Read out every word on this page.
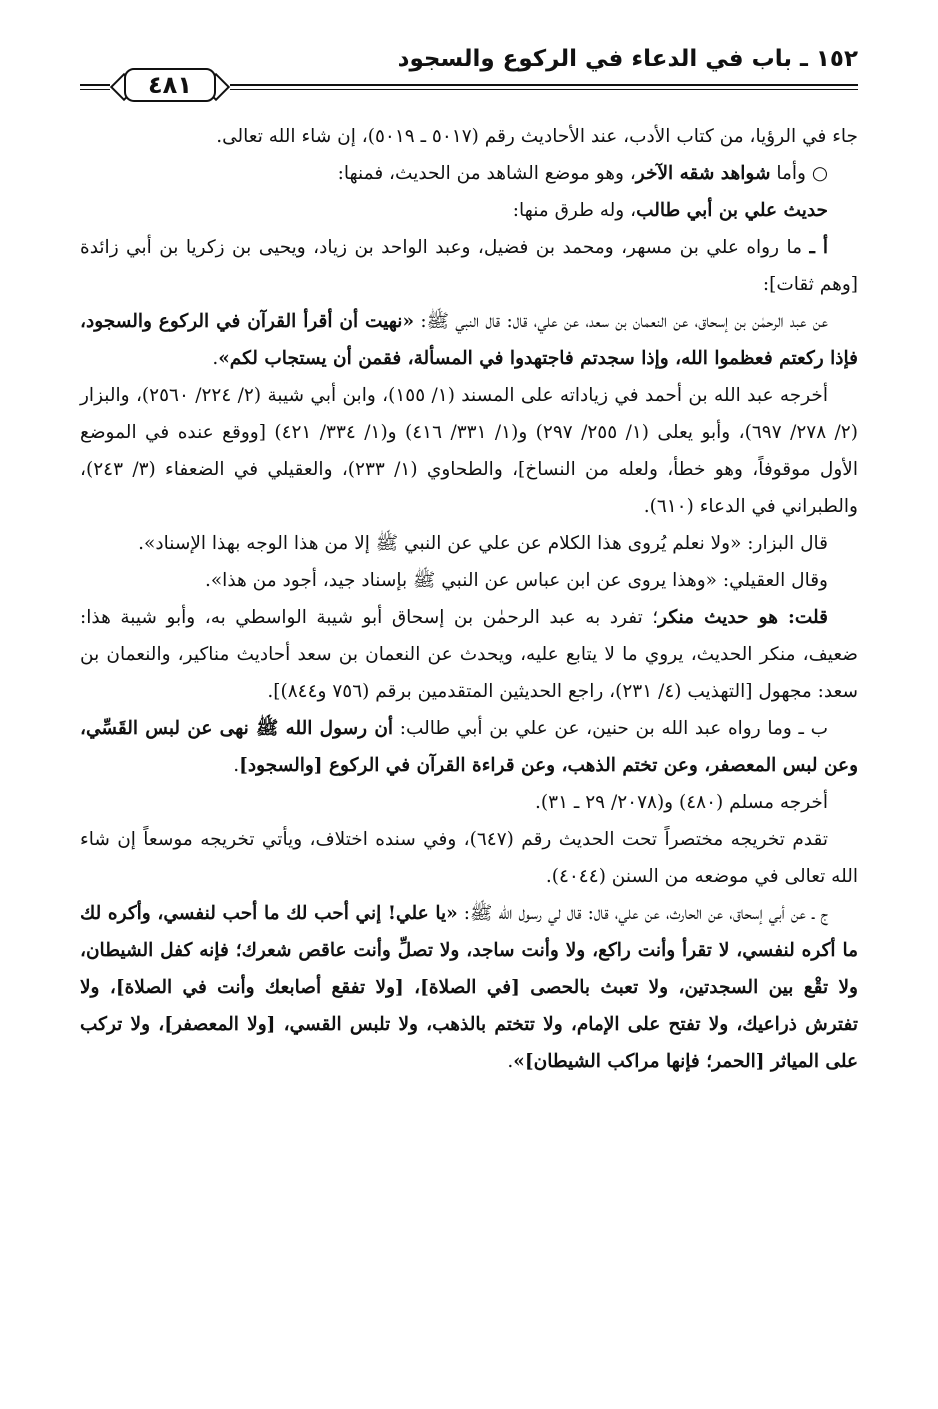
١٥٢ ـ باب في الدعاء في الركوع والسجود
٤٨١

جاء في الرؤيا، من كتاب الأدب، عند الأحاديث رقم (٥٠١٧ ـ ٥٠١٩)، إن شاء الله تعالى.

○ وأما شواهد شقه الآخر، وهو موضع الشاهد من الحديث، فمنها:

حديث علي بن أبي طالب، وله طرق منها:

أ ـ ما رواه علي بن مسهر، ومحمد بن فضيل، وعبد الواحد بن زياد، ويحيى بن زكريا بن أبي زائدة [وهم ثقات]:

عن عبد الرحمٰن بن إسحاق، عن النعمان بن سعد، عن علي، قال: قال النبي ﷺ: «نهيت أن أقرأ القرآن في الركوع والسجود، فإذا ركعتم فعظموا الله، وإذا سجدتم فاجتهدوا في المسألة، فقمن أن يستجاب لكم».

أخرجه عبد الله بن أحمد في زياداته على المسند (١/ ١٥٥)، وابن أبي شيبة (٢/ ٢٢٤/ ٢٥٦٠)، والبزار (٢/ ٢٧٨/ ٦٩٧)، وأبو يعلى (١/ ٢٥٥/ ٢٩٧) و(١/ ٣٣١/ ٤١٦) و(١/ ٣٣٤/ ٤٢١) [ووقع عنده في الموضع الأول موقوفاً، وهو خطأ، ولعله من النساخ]، والطحاوي (١/ ٢٣٣)، والعقيلي في الضعفاء (٣/ ٢٤٣)، والطبراني في الدعاء (٦١٠).

قال البزار: «ولا نعلم يُروى هذا الكلام عن علي عن النبي ﷺ إلا من هذا الوجه بهذا الإسناد».

وقال العقيلي: «وهذا يروى عن ابن عباس عن النبي ﷺ بإسناد جيد، أجود من هذا».

قلت: هو حديث منكر؛ تفرد به عبد الرحمٰن بن إسحاق أبو شيبة الواسطي به، وأبو شيبة هذا: ضعيف، منكر الحديث، يروي ما لا يتابع عليه، ويحدث عن النعمان بن سعد أحاديث مناكير، والنعمان بن سعد: مجهول [التهذيب (٤/ ٢٣١)، راجع الحديثين المتقدمين برقم (٧٥٦ و٨٤٤)].

ب ـ وما رواه عبد الله بن حنين، عن علي بن أبي طالب: أن رسول الله ﷺ نهى عن لبس القَسِّي، وعن لبس المعصفر، وعن تختم الذهب، وعن قراءة القرآن في الركوع [والسجود].

أخرجه مسلم (٤٨٠) و(٢٠٧٨/ ٢٩ ـ ٣١).

تقدم تخريجه مختصراً تحت الحديث رقم (٦٤٧)، وفي سنده اختلاف، ويأتي تخريجه موسعاً إن شاء الله تعالى في موضعه من السنن (٤٠٤٤).

ج ـ عن أبي إسحاق، عن الحارث، عن علي، قال: قال لي رسول الله ﷺ: «يا علي! إني أحب لك ما أحب لنفسي، وأكره لك ما أكره لنفسي، لا تقرأ وأنت راكع، ولا وأنت ساجد، ولا تصلِّ وأنت عاقص شعرك؛ فإنه كفل الشيطان، ولا تقْع بين السجدتين، ولا تعبث بالحصى [في الصلاة]، [ولا تفقع أصابعك وأنت في الصلاة]، ولا تفترش ذراعيك، ولا تفتح على الإمام، ولا تتختم بالذهب، ولا تلبس القسي، [ولا المعصفر]، ولا تركب على المياثر [الحمر؛ فإنها مراكب الشيطان]».
